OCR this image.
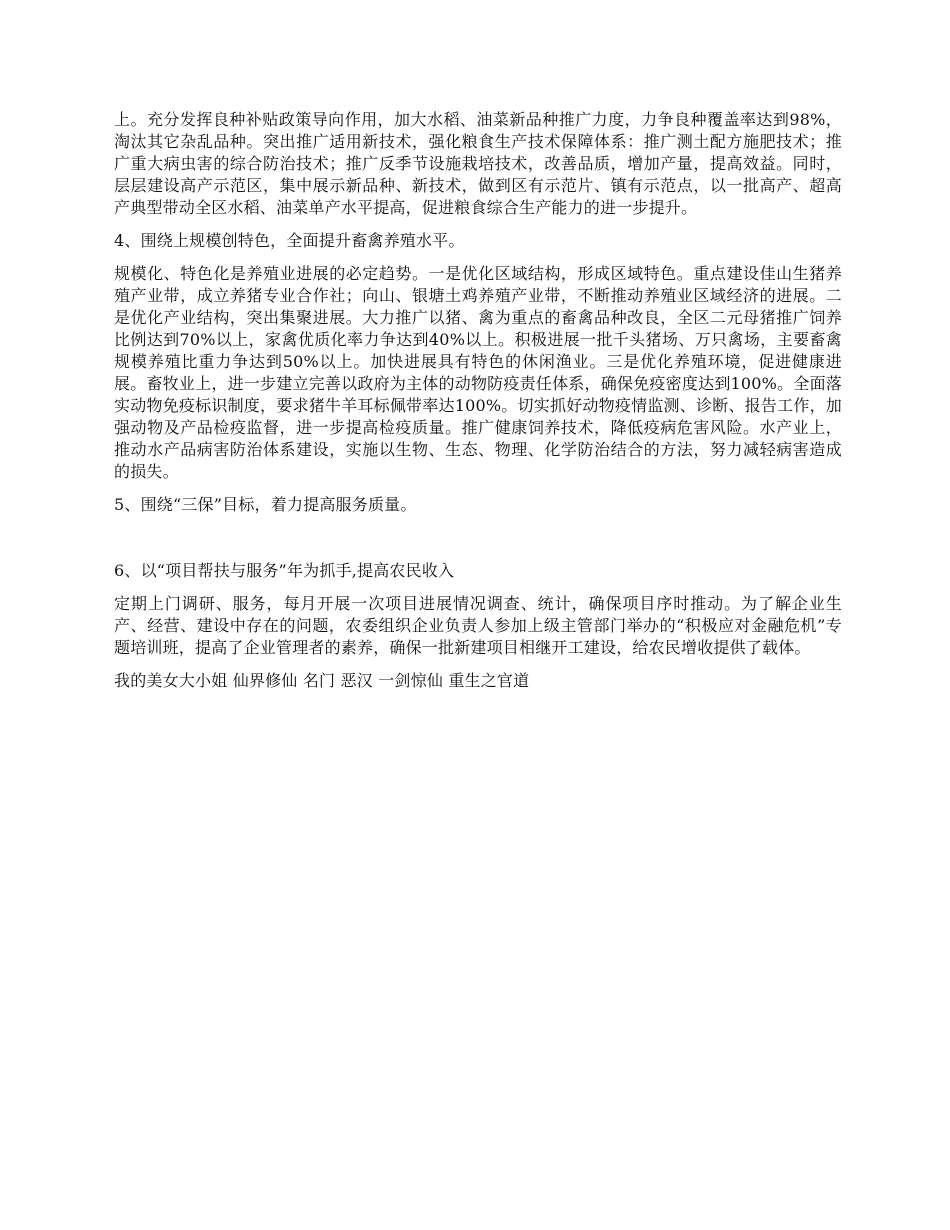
上。充分发挥良种补贴政策导向作用，加大水稻、油菜新品种推广力度，力争良种覆盖率达到98%，淘汰其它杂乱品种。突出推广适用新技术，强化粮食生产技术保障体系：推广测土配方施肥技术；推广重大病虫害的综合防治技术；推广反季节设施栽培技术，改善品质，增加产量，提高效益。同时，层层建设高产示范区，集中展示新品种、新技术，做到区有示范片、镇有示范点，以一批高产、超高产典型带动全区水稻、油菜单产水平提高，促进粮食综合生产能力的进一步提升。

4、围绕上规模创特色，全面提升畜禽养殖水平。

规模化、特色化是养殖业进展的必定趋势。一是优化区域结构，形成区域特色。重点建设佳山生猪养殖产业带，成立养猪专业合作社；向山、银塘土鸡养殖产业带，不断推动养殖业区域经济的进展。二是优化产业结构，突出集聚进展。大力推广以猪、禽为重点的畜禽品种改良，全区二元母猪推广饲养比例达到70%以上，家禽优质化率力争达到40%以上。积极进展一批千头猪场、万只禽场，主要畜禽规模养殖比重力争达到50%以上。加快进展具有特色的休闲渔业。三是优化养殖环境，促进健康进展。畜牧业上，进一步建立完善以政府为主体的动物防疫责任体系，确保免疫密度达到100%。全面落实动物免疫标识制度，要求猪牛羊耳标佩带率达100%。切实抓好动物疫情监测、诊断、报告工作，加强动物及产品检疫监督，进一步提高检疫质量。推广健康饲养技术，降低疫病危害风险。水产业上，推动水产品病害防治体系建设，实施以生物、生态、物理、化学防治结合的方法，努力减轻病害造成的损失。

5、围绕“三保”目标，着力提高服务质量。

6、以“项目帮扶与服务”年为抓手,提高农民收入

定期上门调研、服务，每月开展一次项目进展情况调查、统计，确保项目序时推动。为了解企业生产、经营、建设中存在的问题，农委组织企业负责人参加上级主管部门举办的“积极应对金融危机”专题培训班，提高了企业管理者的素养，确保一批新建项目相继开工建设，给农民增收提供了载体。

我的美女大小姐 仙界修仙 名门 恶汉 一剑惊仙 重生之官道
